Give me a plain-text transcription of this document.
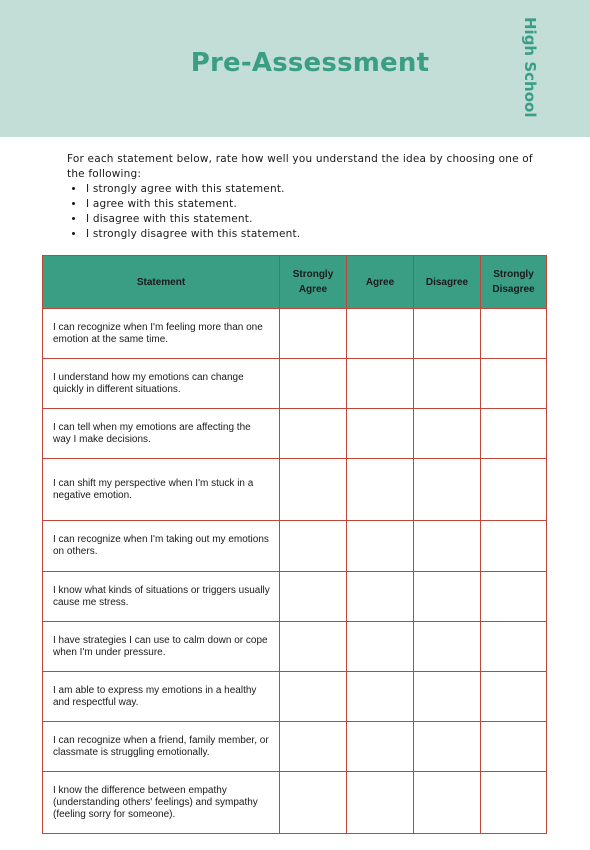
Pre-Assessment	High School
For each statement below, rate how well you understand the idea by choosing one of the following:
• I strongly agree with this statement.
• I agree with this statement.
• I disagree with this statement.
• I strongly disagree with this statement.
Statement	Strongly Agree	Agree	Disagree	Strongly Disagree
I can recognize when I'm feeling more than one emotion at the same time.				
I understand how my emotions can change quickly in different situations.				
I can tell when my emotions are affecting the way I make decisions.				
I can shift my perspective when I'm stuck in a negative emotion.				
I can recognize when I'm taking out my emotions on others.				
I know what kinds of situations or triggers usually cause me stress.				
I have strategies I can use to calm down or cope when I'm under pressure.				
I am able to express my emotions in a healthy and respectful way.				
I can recognize when a friend, family member, or classmate is struggling emotionally.				
I know the difference between empathy (understanding others' feelings) and sympathy (feeling sorry for someone).				
